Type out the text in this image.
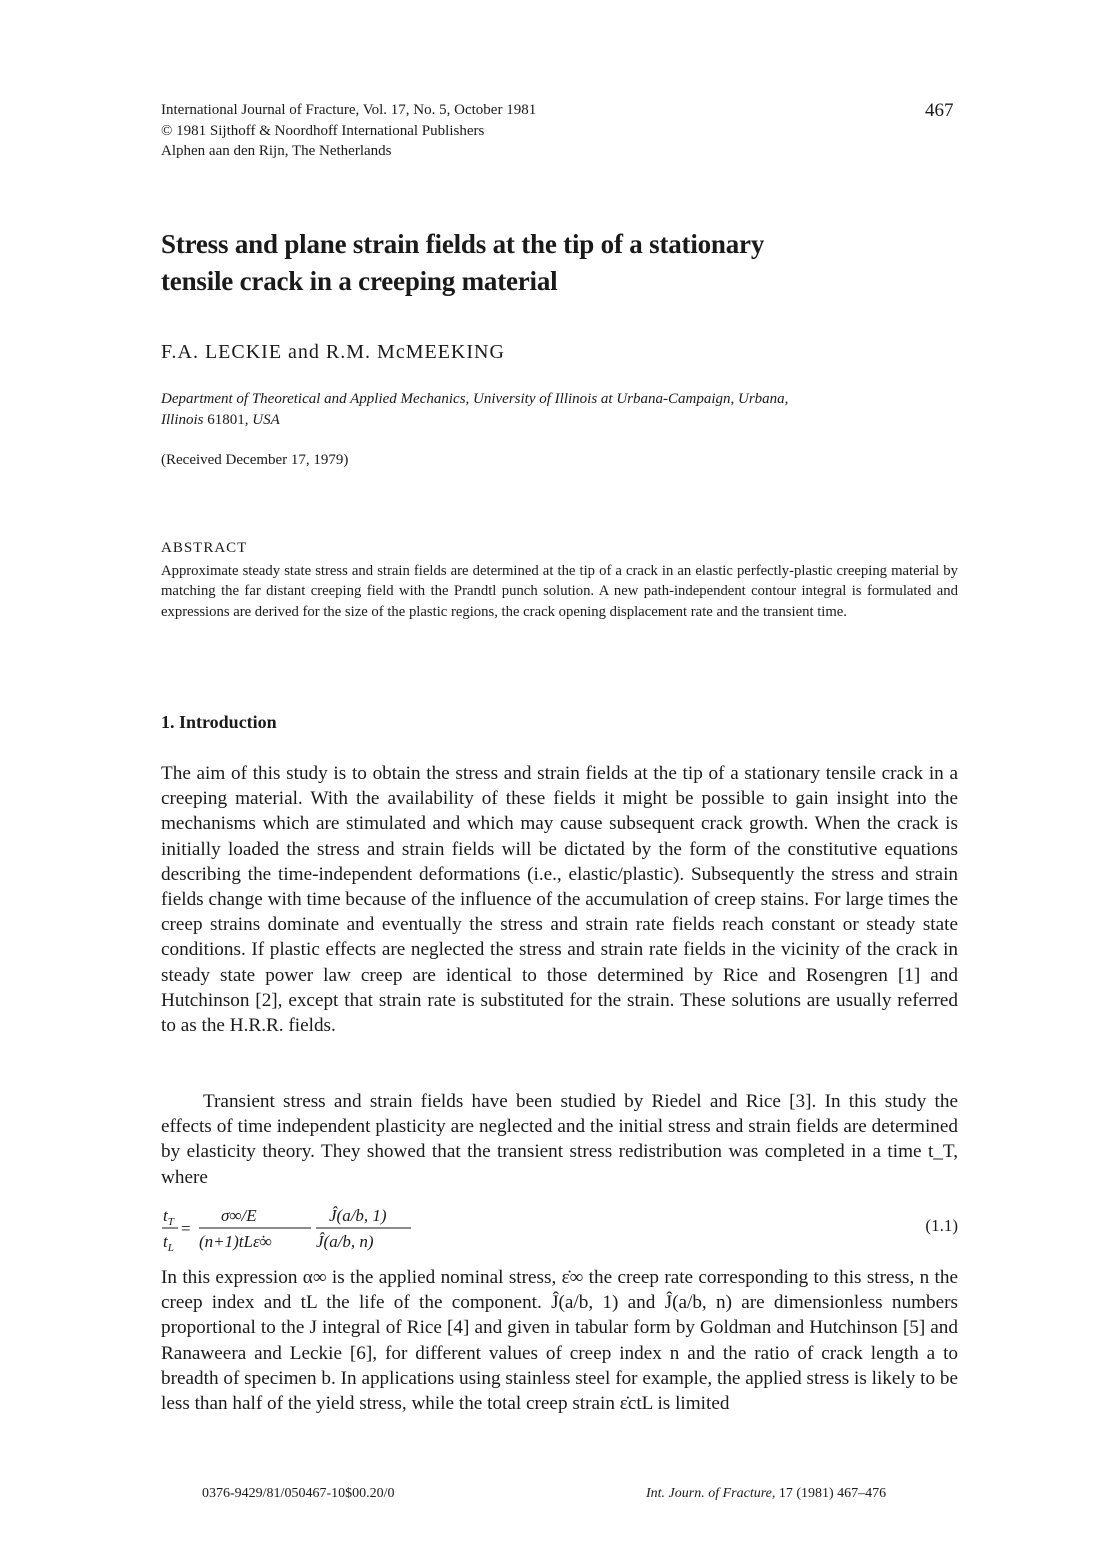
International Journal of Fracture, Vol. 17, No. 5, October 1981
© 1981 Sijthoff & Noordhoff International Publishers
Alphen aan den Rijn, The Netherlands
467
Stress and plane strain fields at the tip of a stationary
tensile crack in a creeping material
F.A. LECKIE and R.M. McMEEKING
Department of Theoretical and Applied Mechanics, University of Illinois at Urbana-Campaign, Urbana,
Illinois 61801, USA
(Received December 17, 1979)
ABSTRACT
Approximate steady state stress and strain fields are determined at the tip of a crack in an elastic perfectly-plastic creeping material by matching the far distant creeping field with the Prandtl punch solution. A new path-independent contour integral is formulated and expressions are derived for the size of the plastic regions, the crack opening displacement rate and the transient time.
1. Introduction
The aim of this study is to obtain the stress and strain fields at the tip of a stationary tensile crack in a creeping material. With the availability of these fields it might be possible to gain insight into the mechanisms which are stimulated and which may cause subsequent crack growth. When the crack is initially loaded the stress and strain fields will be dictated by the form of the constitutive equations describing the time-independent deformations (i.e., elastic/plastic). Subsequently the stress and strain fields change with time because of the influence of the accumulation of creep stains. For large times the creep strains dominate and eventually the stress and strain rate fields reach constant or steady state conditions. If plastic effects are neglected the stress and strain rate fields in the vicinity of the crack in steady state power law creep are identical to those determined by Rice and Rosengren [1] and Hutchinson [2], except that strain rate is substituted for the strain. These solutions are usually referred to as the H.R.R. fields.
Transient stress and strain fields have been studied by Riedel and Rice [3]. In this study the effects of time independent plasticity are neglected and the initial stress and strain fields are determined by elasticity theory. They showed that the transient stress redistribution was completed in a time t_T, where
$t_T$
$t_L$
=
σ∞/E
(n+1)tLε̇∞
Ĵ(a/b, 1)
Ĵ(a/b, n)
(1.1)
In this expression α∞ is the applied nominal stress, ε̇∞ the creep rate corresponding to this stress, n the creep index and tL the life of the component. Ĵ(a/b, 1) and Ĵ(a/b, n) are dimensionless numbers proportional to the J integral of Rice [4] and given in tabular form by Goldman and Hutchinson [5] and Ranaweera and Leckie [6], for different values of creep index n and the ratio of crack length a to breadth of specimen b. In applications using stainless steel for example, the applied stress is likely to be less than half of the yield stress, while the total creep strain ε̇ctL is limited
0376-9429/81/050467-10$00.20/0	Int. Journ. of Fracture, 17 (1981) 467–476
